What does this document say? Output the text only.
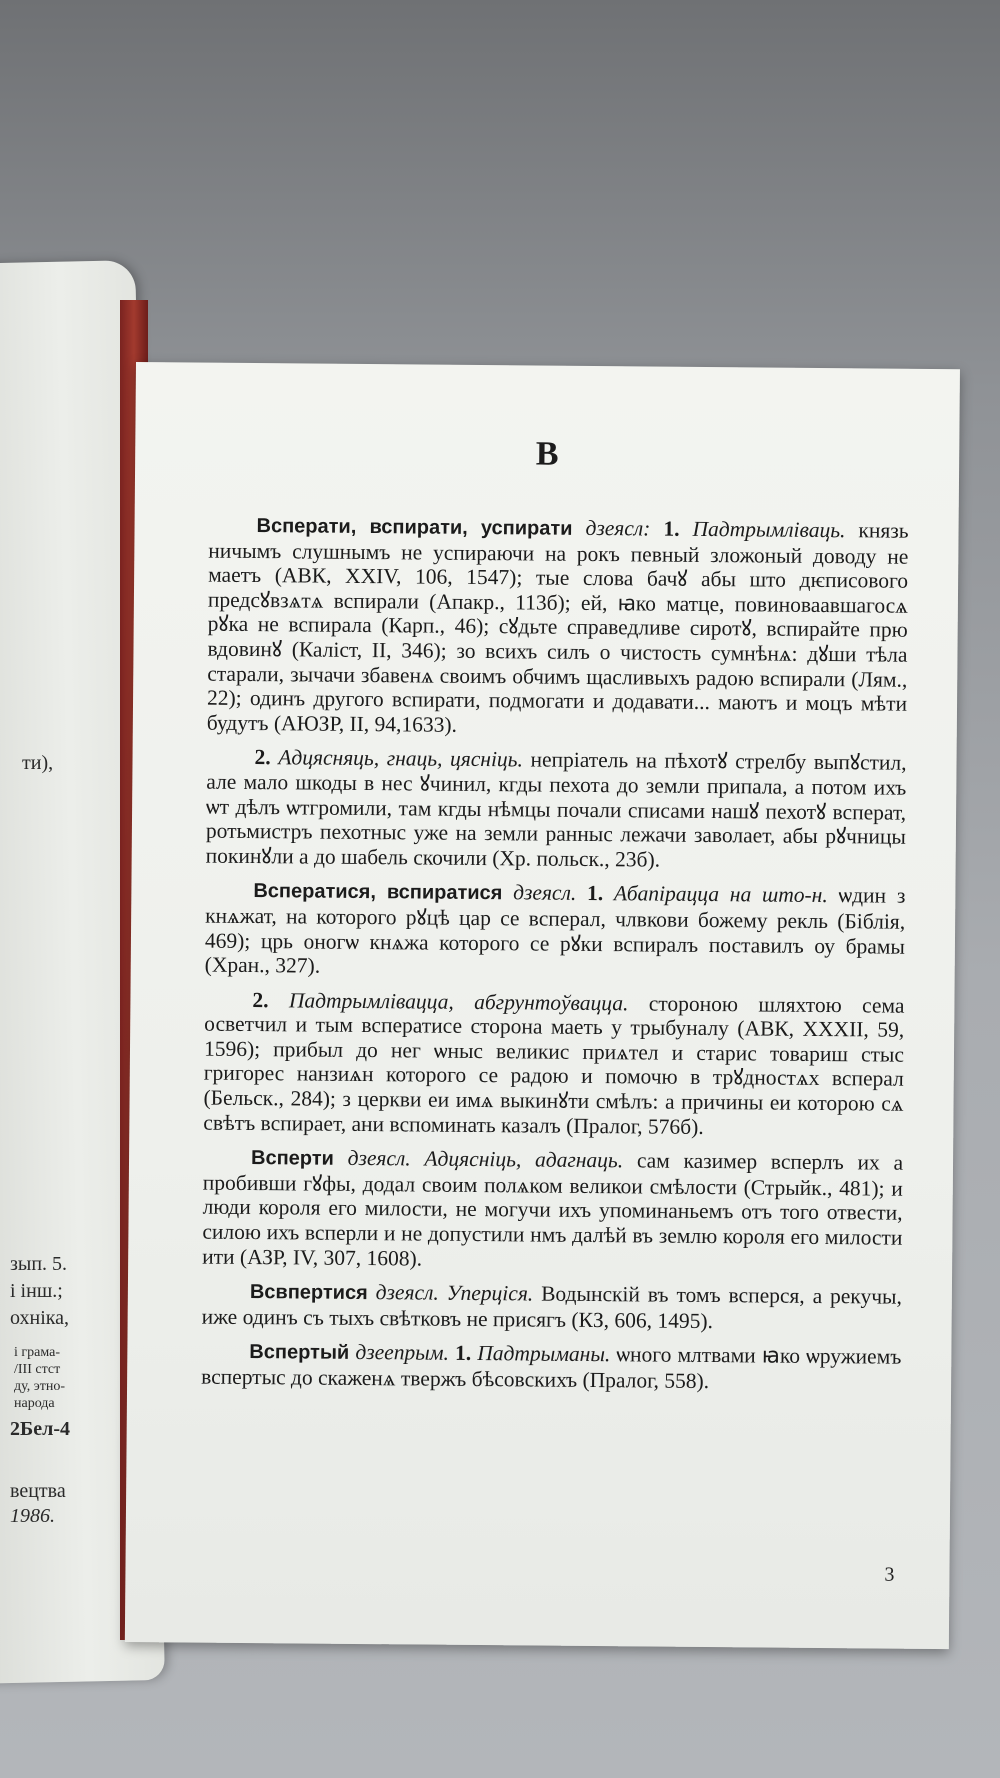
ти),
зып. 5.
і інш.;
охніка,
і грама-
/III стст
ду, этно-
народа
2Бел-4
вецтва
1986.
В

Всперати, вспирати, успирати дзеясл: 1. Падтрымліваць. князь ничымъ слушнымъ не успираючи на рокъ певный зложоный доводу не маетъ (АВК, XXIV, 106, 1547); тые слова бачꙋ абы што дѥписового предсꙋвзѧтѧ вспирали (Апакр., 113б); ей, ꙗко матце, повиноваавшагосѧ рꙋка не вспирала (Карп., 46); сꙋдьте справедливе сиротꙋ, вспирайте прю вдовинꙋ (Каліст, II, 346); зо всихъ силъ о чистость сумнѣнѧ: дꙋши тѣла старали, зычачи збавенѧ своимъ обчимъ щасливыхъ радою вспирали (Лям., 22); одинъ другого вспирати, подмогати и додавати... маютъ и моцъ мѣти будутъ (АЮЗР, II, 94,1633).

2. Адцясняць, гнаць, цясніць. непріатель на пѣхотꙋ стрелбу выпꙋстил, але мало шкоды в нес ꙋчинил, кгды пехота до земли припала, а потом ихъ ѡт дѣлъ ѡтгромили, там кгды нѣмцы почали списами нашꙋ пехотꙋ всперат, ротьмистръ пехотныс уже на земли ранныс лежачи заволает, абы рꙋчницы покинꙋли а до шабель скочили (Хр. польск., 23б).

Всператися, вспиратися дзеясл. 1. Абапірацца на што-н. ѡдин з кнѧжат, на которого рꙋцѣ цар се всперал, члвкови божему рекль (Біблія, 469); црь оногѡ кнѧжа которого се рꙋки вспиралъ поставилъ оу брамы (Хран., 327).

2. Падтрымлівацца, абгрунтоўвацца. стороною шляхтою сема осветчил и тым всператисе сторона маеть у трыбуналу (АВК, XXXII, 59, 1596); прибыл до нег ѡныс великис приѧтел и старис товариш стыс григорес нанзиѧн которого се радою и помочю в трꙋдностѧх всперал (Бельск., 284); з церкви еи имѧ выкинꙋти смѣлъ: а причины еи которою сѧ свѣтъ вспирает, ани вспоминать казалъ (Пралог, 576б).

Всперти дзеясл. Адцясніць, адагнаць. сам казимер всперлъ их а пробивши гꙋфы, додал своим полѧком великои смѣлости (Стрыйк., 481); и люди короля его милости, не могучи ихъ упоминаньемъ отъ того отвести, силою ихъ всперли и не допустили нмъ далѣй въ землю короля его милости ити (АЗР, IV, 307, 1608).

Всвпертися дзеясл. Уперціся. Водынскій въ томъ всперся, а рекучы, иже одинъ съ тыхъ свѣтковъ не присягъ (КЗ, 606, 1495).

Вспертый дзеепрым. 1. Падтрыманы. ѡного млтвами ꙗко ѡружиемъ вспертыс до скаженѧ твержъ бѣсовскихъ (Пралог, 558).

3
